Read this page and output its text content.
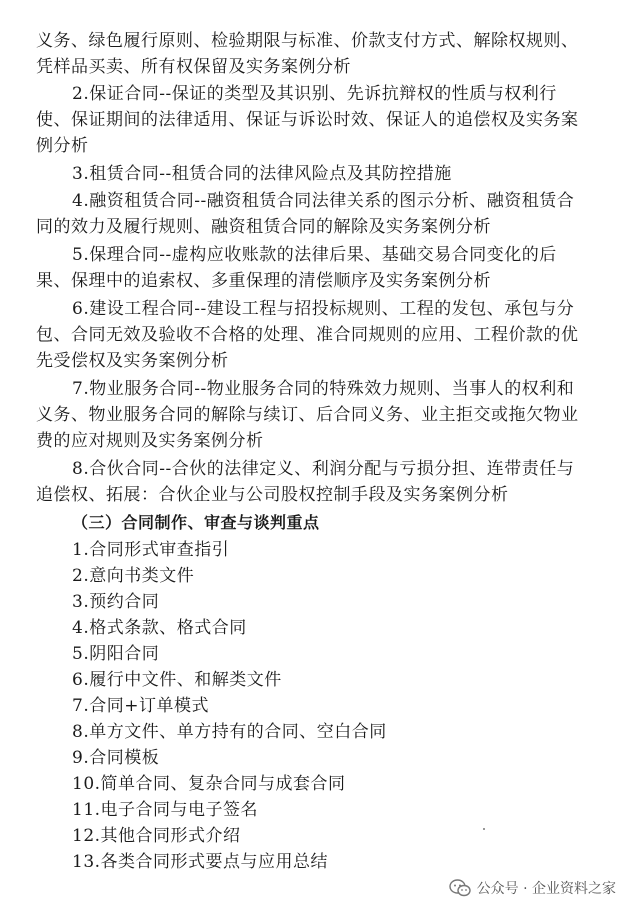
义务、绿色履行原则、检验期限与标准、价款支付方式、解除权规则、
凭样品买卖、所有权保留及实务案例分析
2.保证合同--保证的类型及其识别、先诉抗辩权的性质与权利行
使、保证期间的法律适用、保证与诉讼时效、保证人的追偿权及实务案
例分析
3.租赁合同--租赁合同的法律风险点及其防控措施
4.融资租赁合同--融资租赁合同法律关系的图示分析、融资租赁合
同的效力及履行规则、融资租赁合同的解除及实务案例分析
5.保理合同--虚构应收账款的法律后果、基础交易合同变化的后
果、保理中的追索权、多重保理的清偿顺序及实务案例分析
6.建设工程合同--建设工程与招投标规则、工程的发包、承包与分
包、合同无效及验收不合格的处理、准合同规则的应用、工程价款的优
先受偿权及实务案例分析
7.物业服务合同--物业服务合同的特殊效力规则、当事人的权利和
义务、物业服务合同的解除与续订、后合同义务、业主拒交或拖欠物业
费的应对规则及实务案例分析
8.合伙合同--合伙的法律定义、利润分配与亏损分担、连带责任与
追偿权、拓展：合伙企业与公司股权控制手段及实务案例分析
（三）合同制作、审查与谈判重点
1.合同形式审查指引
2.意向书类文件
3.预约合同
4.格式条款、格式合同
5.阴阳合同
6.履行中文件、和解类文件
7.合同+订单模式
8.单方文件、单方持有的合同、空白合同
9.合同模板
10.简单合同、复杂合同与成套合同
11.电子合同与电子签名
12.其他合同形式介绍
13.各类合同形式要点与应用总结
公众号 · 企业资料之家
